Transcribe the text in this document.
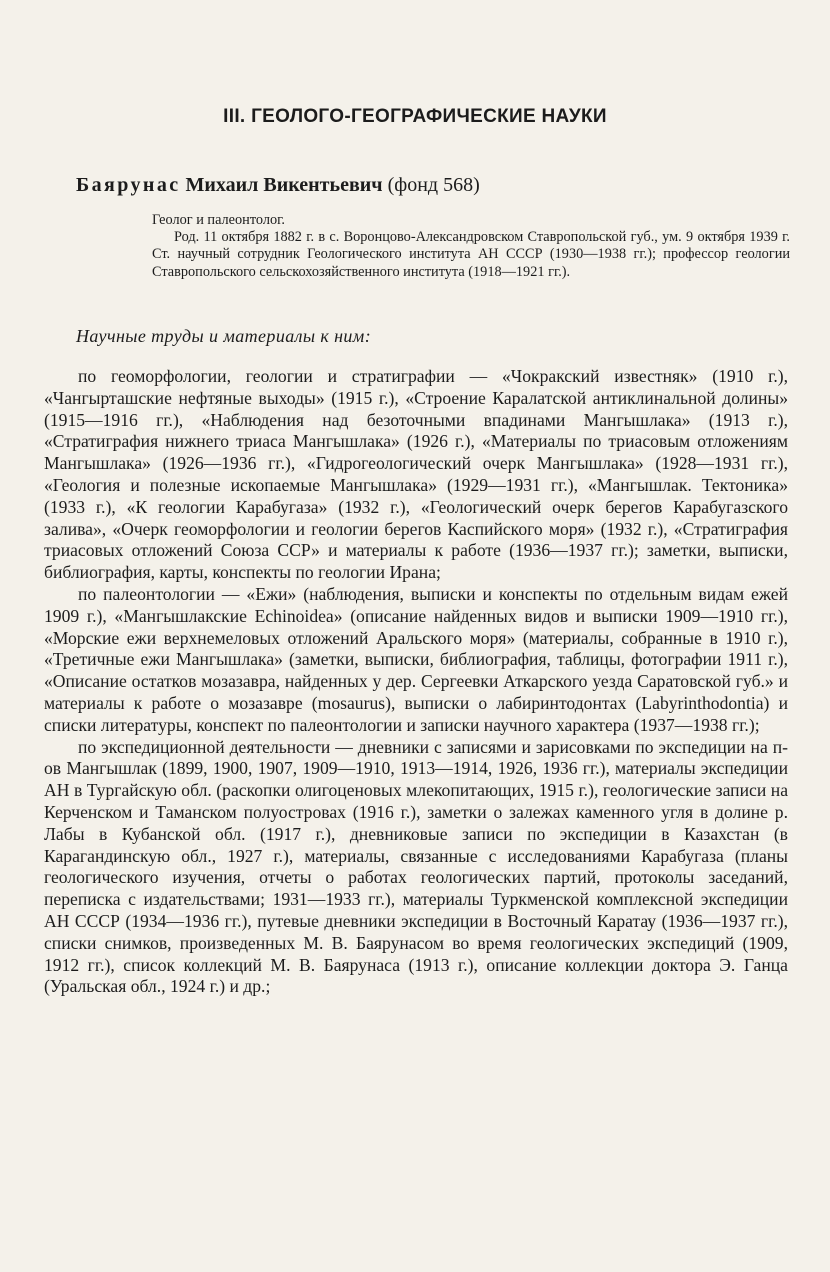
III. ГЕОЛОГО-ГЕОГРАФИЧЕСКИЕ НАУКИ
Баярунас Михаил Викентьевич (фонд 568)

Геолог и палеонтолог.

Род. 11 октября 1882 г. в с. Воронцово-Александровском Ставропольской губ., ум. 9 октября 1939 г. Ст. научный сотрудник Геологического института АН СССР (1930—1938 гг.); профессор геологии Ставропольского сельскохозяйственного института (1918—1921 гг.).

Научные труды и материалы к ним:

по геоморфологии, геологии и стратиграфии — «Чокракский известняк» (1910 г.), «Чангырташские нефтяные выходы» (1915 г.), «Строение Каралатской антиклинальной долины» (1915—1916 гг.), «Наблюдения над безоточными впадинами Мангышлака» (1913 г.), «Стратиграфия нижнего триаса Мангышлака» (1926 г.), «Материалы по триасовым отложениям Мангышлака» (1926—1936 гг.), «Гидрогеологический очерк Мангышлака» (1928—1931 гг.), «Геология и полезные ископаемые Мангышлака» (1929—1931 гг.), «Мангышлак. Тектоника» (1933 г.), «К геологии Карабугаза» (1932 г.), «Геологический очерк берегов Карабугазского залива», «Очерк геоморфологии и геологии берегов Каспийского моря» (1932 г.), «Стратиграфия триасовых отложений Союза ССР» и материалы к работе (1936—1937 гг.); заметки, выписки, библиография, карты, конспекты по геологии Ирана;

по палеонтологии — «Ежи» (наблюдения, выписки и конспекты по отдельным видам ежей 1909 г.), «Мангышлакские Echinoidea» (описание найденных видов и выписки 1909—1910 гг.), «Морские ежи верхнемеловых отложений Аральского моря» (материалы, собранные в 1910 г.), «Третичные ежи Мангышлака» (заметки, выписки, библиография, таблицы, фотографии 1911 г.), «Описание остатков мозазавра, найденных у дер. Сергеевки Аткарского уезда Саратовской губ.» и материалы к работе о мозазавре (mosaurus), выписки о лабиринтодонтах (Labyrinthodontia) и списки литературы, конспект по палеонтологии и записки научного характера (1937—1938 гг.);

по экспедиционной деятельности — дневники с записями и зарисовками по экспедиции на п-ов Мангышлак (1899, 1900, 1907, 1909—1910, 1913—1914, 1926, 1936 гг.), материалы экспедиции АН в Тургайскую обл. (раскопки олигоценовых млекопитающих, 1915 г.), геологические записи на Керченском и Таманском полуостровах (1916 г.), заметки о залежах каменного угля в долине р. Лабы в Кубанской обл. (1917 г.), дневниковые записи по экспедиции в Казахстан (в Карагандинскую обл., 1927 г.), материалы, связанные с исследованиями Карабугаза (планы геологического изучения, отчеты о работах геологических партий, протоколы заседаний, переписка с издательствами; 1931—1933 гг.), материалы Туркменской комплексной экспедиции АН СССР (1934—1936 гг.), путевые дневники экспедиции в Восточный Каратау (1936—1937 гг.), списки снимков, произведенных М. В. Баярунасом во время геологических экспедиций (1909, 1912 гг.), список коллекций М. В. Баярунаса (1913 г.), описание коллекции доктора Э. Ганца (Уральская обл., 1924 г.) и др.;
